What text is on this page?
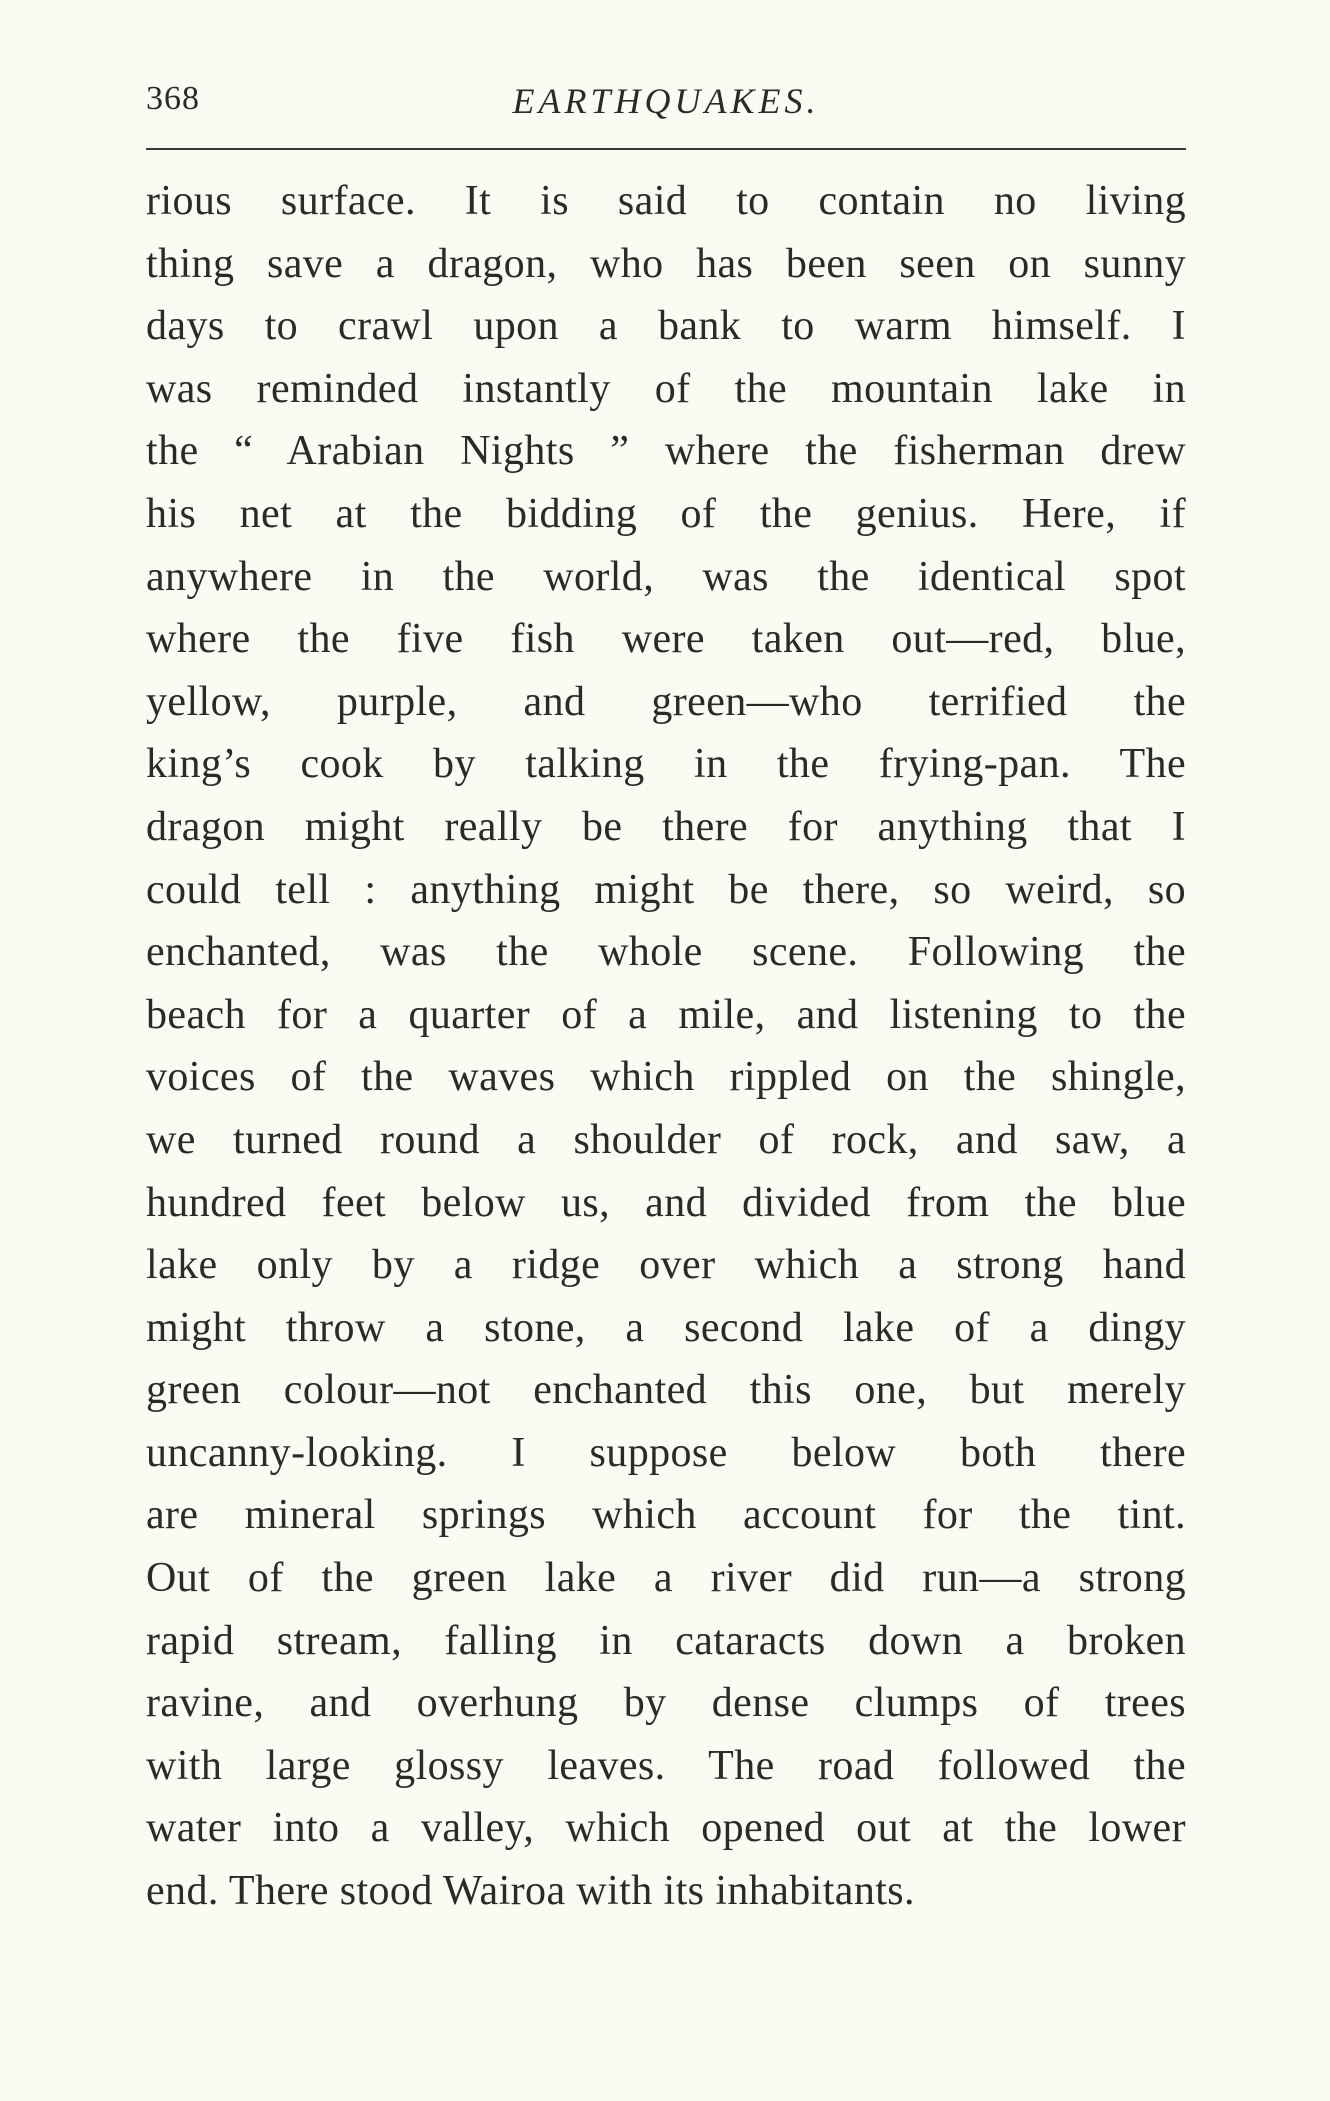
368	EARTHQUAKES.
rious surface. It is said to contain no living
thing save a dragon, who has been seen on sunny
days to crawl upon a bank to warm himself. I
was reminded instantly of the mountain lake in
the “ Arabian Nights ” where the fisherman drew
his net at the bidding of the genius. Here, if
anywhere in the world, was the identical spot
where the five fish were taken out—red, blue,
yellow, purple, and green—who terrified the
king’s cook by talking in the frying-pan. The
dragon might really be there for anything that I
could tell : anything might be there, so weird, so
enchanted, was the whole scene. Following the
beach for a quarter of a mile, and listening to the
voices of the waves which rippled on the shingle,
we turned round a shoulder of rock, and saw, a
hundred feet below us, and divided from the blue
lake only by a ridge over which a strong hand
might throw a stone, a second lake of a dingy
green colour—not enchanted this one, but merely
uncanny-looking. I suppose below both there
are mineral springs which account for the tint.
Out of the green lake a river did run—a strong
rapid stream, falling in cataracts down a broken
ravine, and overhung by dense clumps of trees
with large glossy leaves. The road followed the
water into a valley, which opened out at the lower
end. There stood Wairoa with its inhabitants.
